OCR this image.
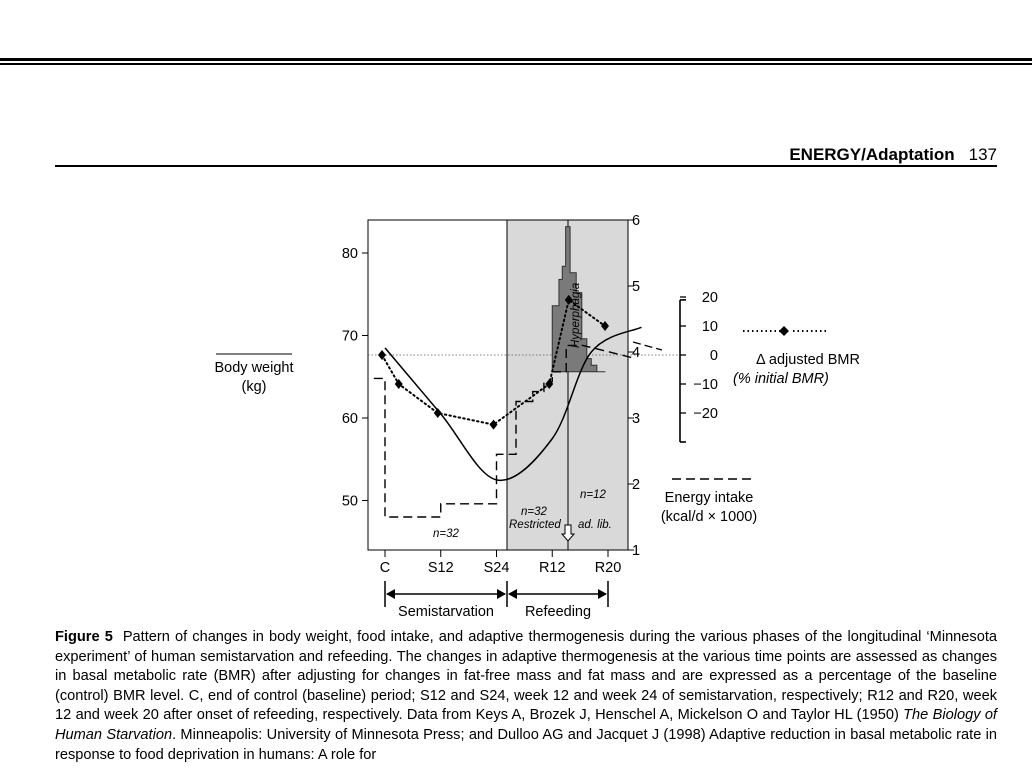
ENERGY/Adaptation 137
50
60
70
80
1
2
3
4
5
6
20
10
0
−10
−20
C	S12 S24 R12 R20
Body weight
(kg)
Δ adjusted BMR
(% initial BMR)
Energy intake
(kcal/d × 1000)
Hyperphagia
n=32
n=32
Restricted
n=12
ad. lib.
Semistarvation Refeeding
Figure 5 Pattern of changes in body weight, food intake, and adaptive thermogenesis during the various phases of the longitudinal ‘Minnesota experiment’ of human semistarvation and refeeding. The changes in adaptive thermogenesis at the various time points are assessed as changes in basal metabolic rate (BMR) after adjusting for changes in fat-free mass and fat mass and are expressed as a percentage of the baseline (control) BMR level. C, end of control (baseline) period; S12 and S24, week 12 and week 24 of semistarvation, respectively; R12 and R20, week 12 and week 20 after onset of refeeding, respectively. Data from Keys A, Brozek J, Henschel A, Mickelson O and Taylor HL (1950) The Biology of Human Starvation. Minneapolis: University of Minnesota Press; and Dulloo AG and Jacquet J (1998) Adaptive reduction in basal metabolic rate in response to food deprivation in humans: A role for
